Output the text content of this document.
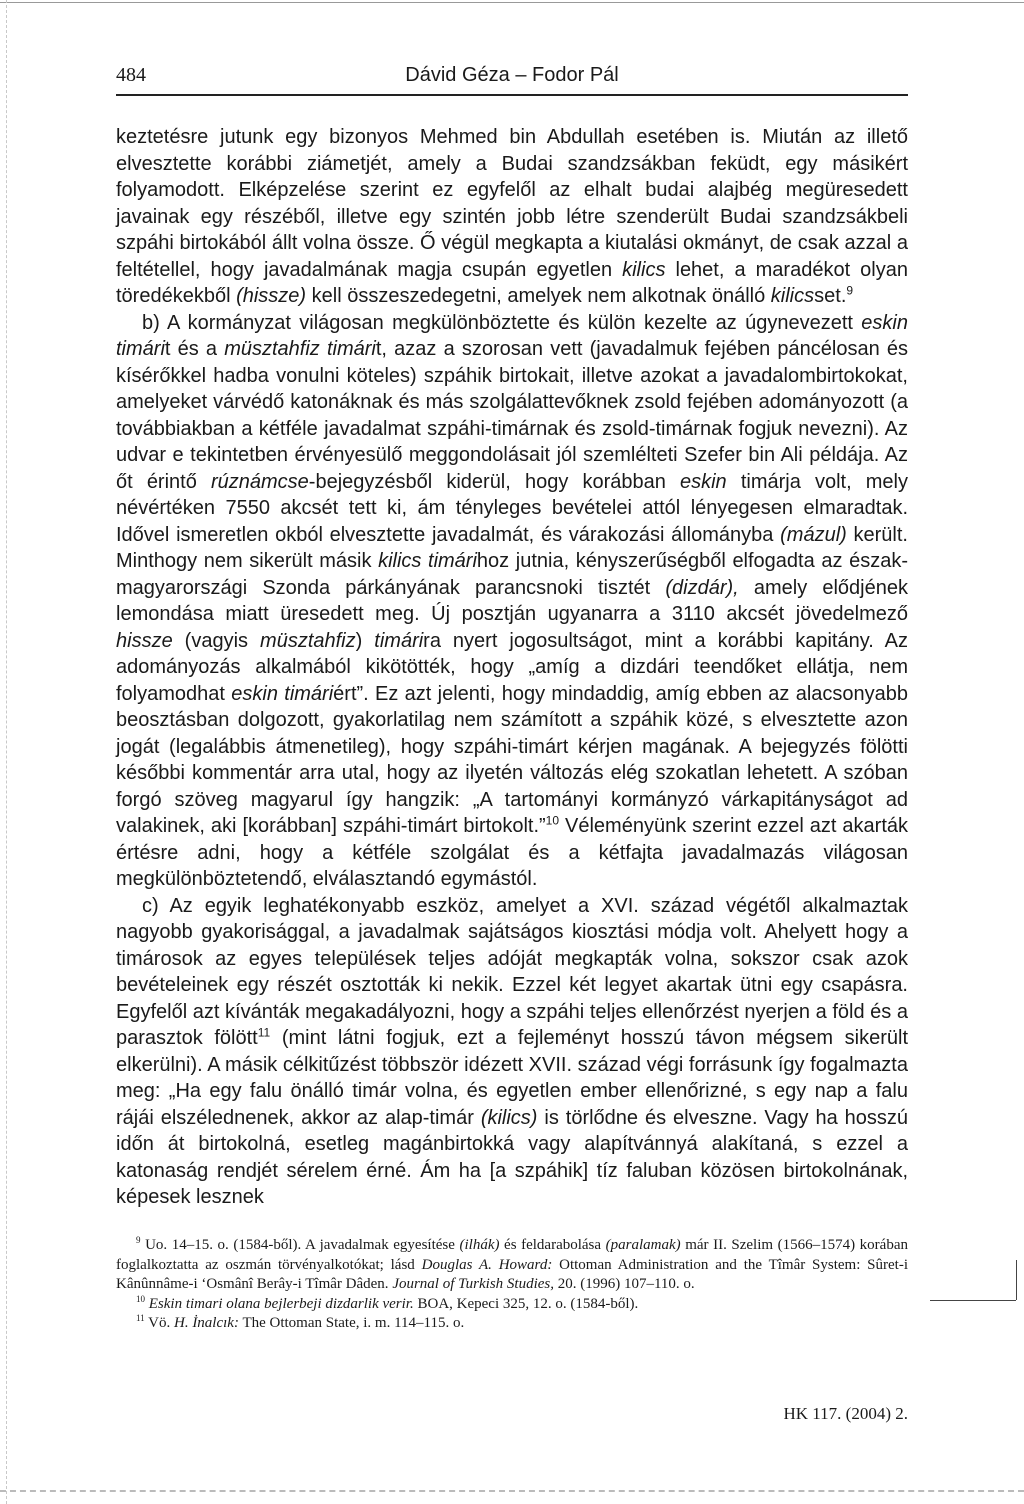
484	Dávid Géza – Fodor Pál

keztetésre jutunk egy bizonyos Mehmed bin Abdullah esetében is. Miután az illető elvesztette korábbi ziámetjét, amely a Budai szandzsákban feküdt, egy másikért folyamodott. Elképzelése szerint ez egyfelől az elhalt budai alajbég megüresedett javainak egy részéből, illetve egy szintén jobb létre szenderült Budai szandzsákbeli szpáhi birtokából állt volna össze. Ő végül megkapta a kiutalási okmányt, de csak azzal a feltétellel, hogy javadalmának magja csupán egyetlen kilics lehet, a maradékot olyan töredékekből (hissze) kell összeszedegetni, amelyek nem alkotnak önálló kilicsset.$^9$

b) A kormányzat világosan megkülönböztette és külön kezelte az úgynevezett eskin timárit és a müsztahfiz timárit, azaz a szorosan vett (javadalmuk fejében páncélosan és kísérőkkel hadba vonulni köteles) szpáhik birtokait, illetve azokat a javadalombirtokokat, amelyeket várvédő katonáknak és más szolgálattevőknek zsold fejében adományozott (a továbbiakban a kétféle javadalmat szpáhi-timárnak és zsold-timárnak fogjuk nevezni). Az udvar e tekintetben érvényesülő meggondolásait jól szemlélteti Szefer bin Ali példája. Az őt érintő rúznámcse-bejegyzésből kiderül, hogy korábban eskin timárja volt, mely névértéken 7550 akcsét tett ki, ám tényleges bevételei attól lényegesen elmaradtak. Idővel ismeretlen okból elvesztette javadalmát, és várakozási állományba (mázul) került. Minthogy nem sikerült másik kilics timárihoz jutnia, kényszerűségből elfogadta az észak-magyarországi Szonda párkányának parancsnoki tisztét (dizdár), amely elődjének lemondása miatt üresedett meg. Új posztján ugyanarra a 3110 akcsét jövedelmező hissze (vagyis müsztahfiz) timárira nyert jogosultságot, mint a korábbi kapitány. Az adományozás alkalmából kikötötték, hogy „amíg a dizdári teendőket ellátja, nem folyamodhat eskin timáriért”. Ez azt jelenti, hogy mindaddig, amíg ebben az alacsonyabb beosztásban dolgozott, gyakorlatilag nem számított a szpáhik közé, s elvesztette azon jogát (legalábbis átmenetileg), hogy szpáhi-timárt kérjen magának. A bejegyzés fölötti későbbi kommentár arra utal, hogy az ilyetén változás elég szokatlan lehetett. A szóban forgó szöveg magyarul így hangzik: „A tartományi kormányzó várkapitányságot ad valakinek, aki [korábban] szpáhi-timárt birtokolt.”$^{10}$ Véleményünk szerint ezzel azt akarták értésre adni, hogy a kétféle szolgálat és a kétfajta javadalmazás világosan megkülönböztetendő, elválasztandó egymástól.

c) Az egyik leghatékonyabb eszköz, amelyet a XVI. század végétől alkalmaztak nagyobb gyakorisággal, a javadalmak sajátságos kiosztási módja volt. Ahelyett hogy a timárosok az egyes települések teljes adóját megkapták volna, sokszor csak azok bevételeinek egy részét osztották ki nekik. Ezzel két legyet akartak ütni egy csapásra. Egyfelől azt kívánták megakadályozni, hogy a szpáhi teljes ellenőrzést nyerjen a föld és a parasztok fölött$^{11}$ (mint látni fogjuk, ezt a fejleményt hosszú távon mégsem sikerült elkerülni). A másik célkitűzést többször idézett XVII. század végi forrásunk így fogalmazta meg: „Ha egy falu önálló timár volna, és egyetlen ember ellenőrizné, s egy nap a falu rájái elszélednenek, akkor az alap-timár (kilics) is törlődne és elveszne. Vagy ha hosszú időn át birtokolná, esetleg magánbirtokká vagy alapítvánnyá alakítaná, s ezzel a katonaság rendjét sérelem érné. Ám ha [a szpáhik] tíz faluban közösen birtokolnának, képesek lesznek

$^9$ Uo. 14–15. o. (1584-ből). A javadalmak egyesítése (ilhák) és feldarabolása (paralamak) már II. Szelim (1566–1574) korában foglalkoztatta az oszmán törvényalkotókat; lásd Douglas A. Howard: Ottoman Administration and the Tîmâr System: Sûret-i Kânûnnâme-i ‘Osmânî Berây-i Tîmâr Dâden. Journal of Turkish Studies, 20. (1996) 107–110. o.

$^{10}$ Eskin timari olana bejlerbeji dizdarlik verir. BOA, Kepeci 325, 12. o. (1584-ből).

$^{11}$ Vö. H. İnalcık: The Ottoman State, i. m. 114–115. o.

HK 117. (2004) 2.
